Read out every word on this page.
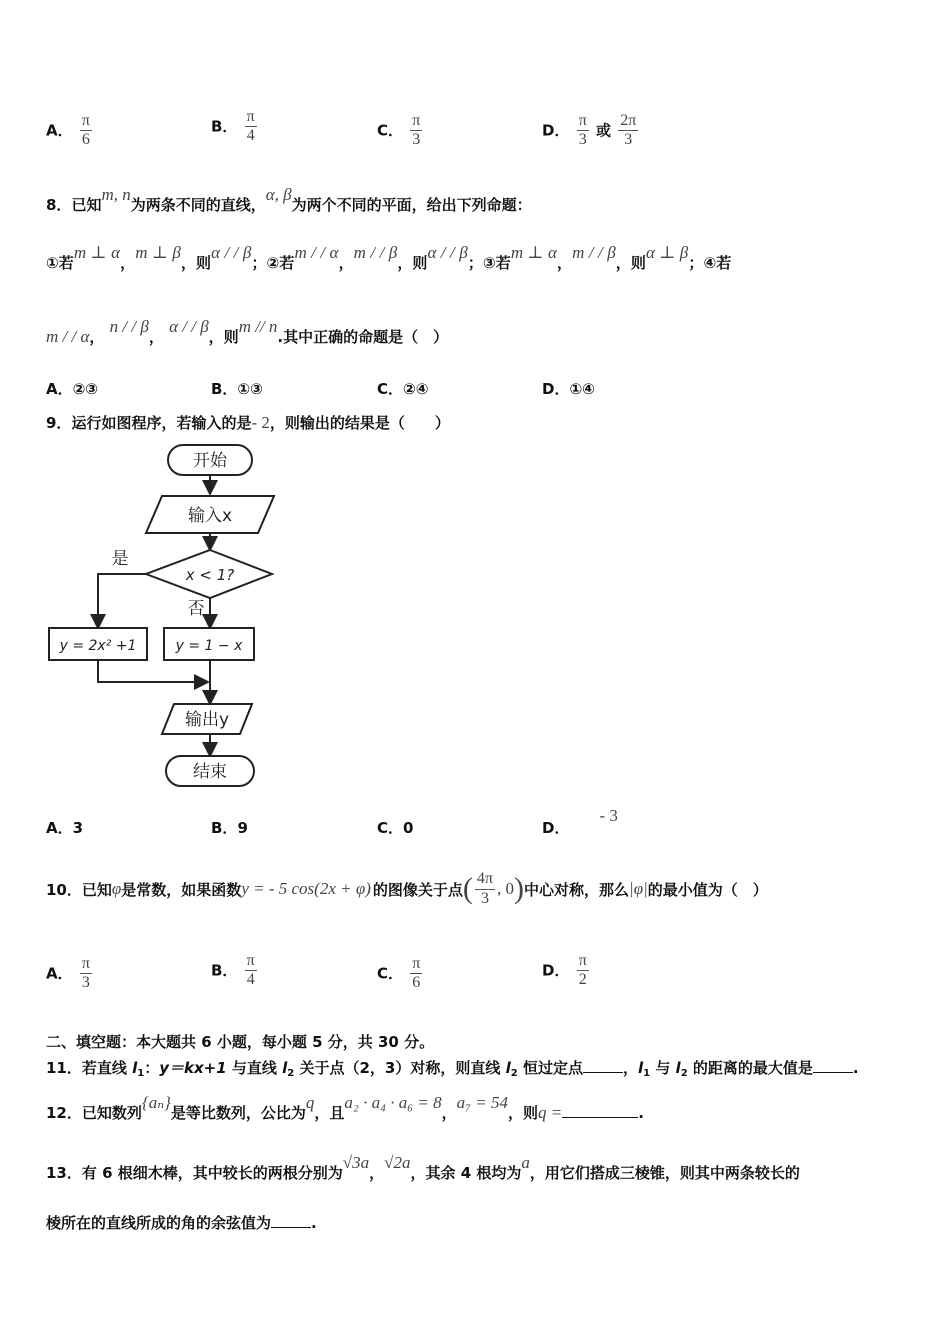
A． $\frac{\pi}{6}$	B． $\frac{\pi}{4}$	C． $\frac{\pi}{3}$	D． $\frac{\pi}{3}$ 或 $\frac{2\pi}{3}$
8．已知m, n为两条不同的直线，α, β为两个不同的平面，给出下列命题：
①若m ⊥ α，m ⊥ β，则α / / β；②若m / / α，m / / β，则α / / β；③若m ⊥ α，m / / β，则α ⊥ β；④若
m / / α， n / / β， α / / β，则m // n.其中正确的命题是（　）
A．②③	B．①③	C．②④	D．①④
9．运行如图程序，若输入的是- 2，则输出的结果是（　　）
开始
输入x
x < 1?
是
否
y = 2x² +1	y = 1 − x
输出y
结束
A．3	B．9	C．0	D．- 3
10． 已知 φ 是常数，如果函数 y = - 5 cos(2x + φ) 的图像关于点 ( $\frac{4\pi}{3}$ , 0 ) 中心对称，那么 |φ| 的最小值为（　）
A． $\frac{\pi}{3}$	B． $\frac{\pi}{4}$	C． $\frac{\pi}{6}$	D． $\frac{\pi}{2}$
二、填空题：本大题共 6 小题，每小题 5 分，共 30 分。
11．若直线 $l_1$：y＝kx+1 与直线 $l_2$ 关于点（2，3）对称，则直线 $l_2$ 恒过定点	，$l_1$ 与 $l_2$ 的距离的最大值是	.
12．已知数列{aₙ}是等比数列，公比为q，且a₂ · a₄ · a₆ = 8，a₇ = 54，则q =	.
13．有 6 根细木棒，其中较长的两根分别为√3a，√2a，其余 4 根均为a，用它们搭成三棱锥，则其中两条较长的
棱所在的直线所成的角的余弦值为	.
